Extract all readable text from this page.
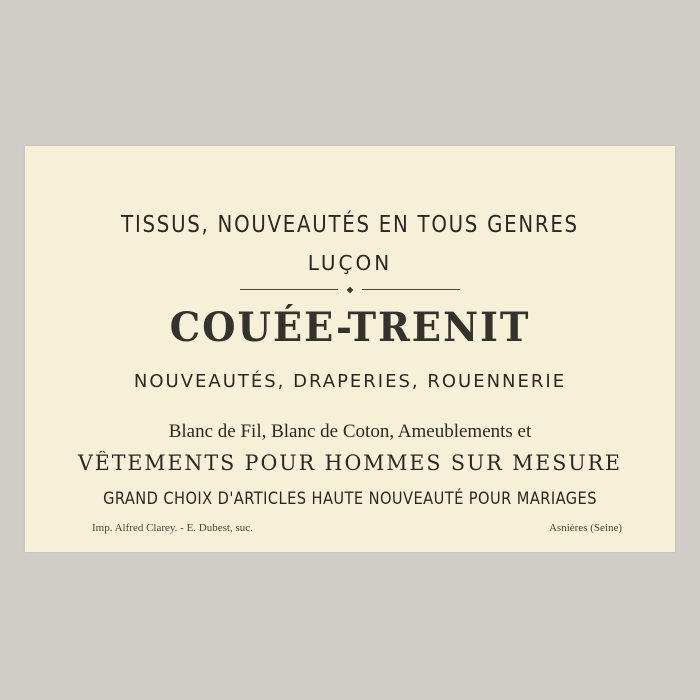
TISSUS, NOUVEAUTÉS EN TOUS GENRES
LUÇON
COUÉE-TRENIT
NOUVEAUTÉS, DRAPERIES, ROUENNERIE
Blanc de Fil, Blanc de Coton, Ameublements et
VÊTEMENTS POUR HOMMES SUR MESURE
GRAND CHOIX D'ARTICLES HAUTE NOUVEAUTÉ POUR MARIAGES
Imp. Alfred Clarey. - E. Dubest, suc.	Asnières (Seine)
